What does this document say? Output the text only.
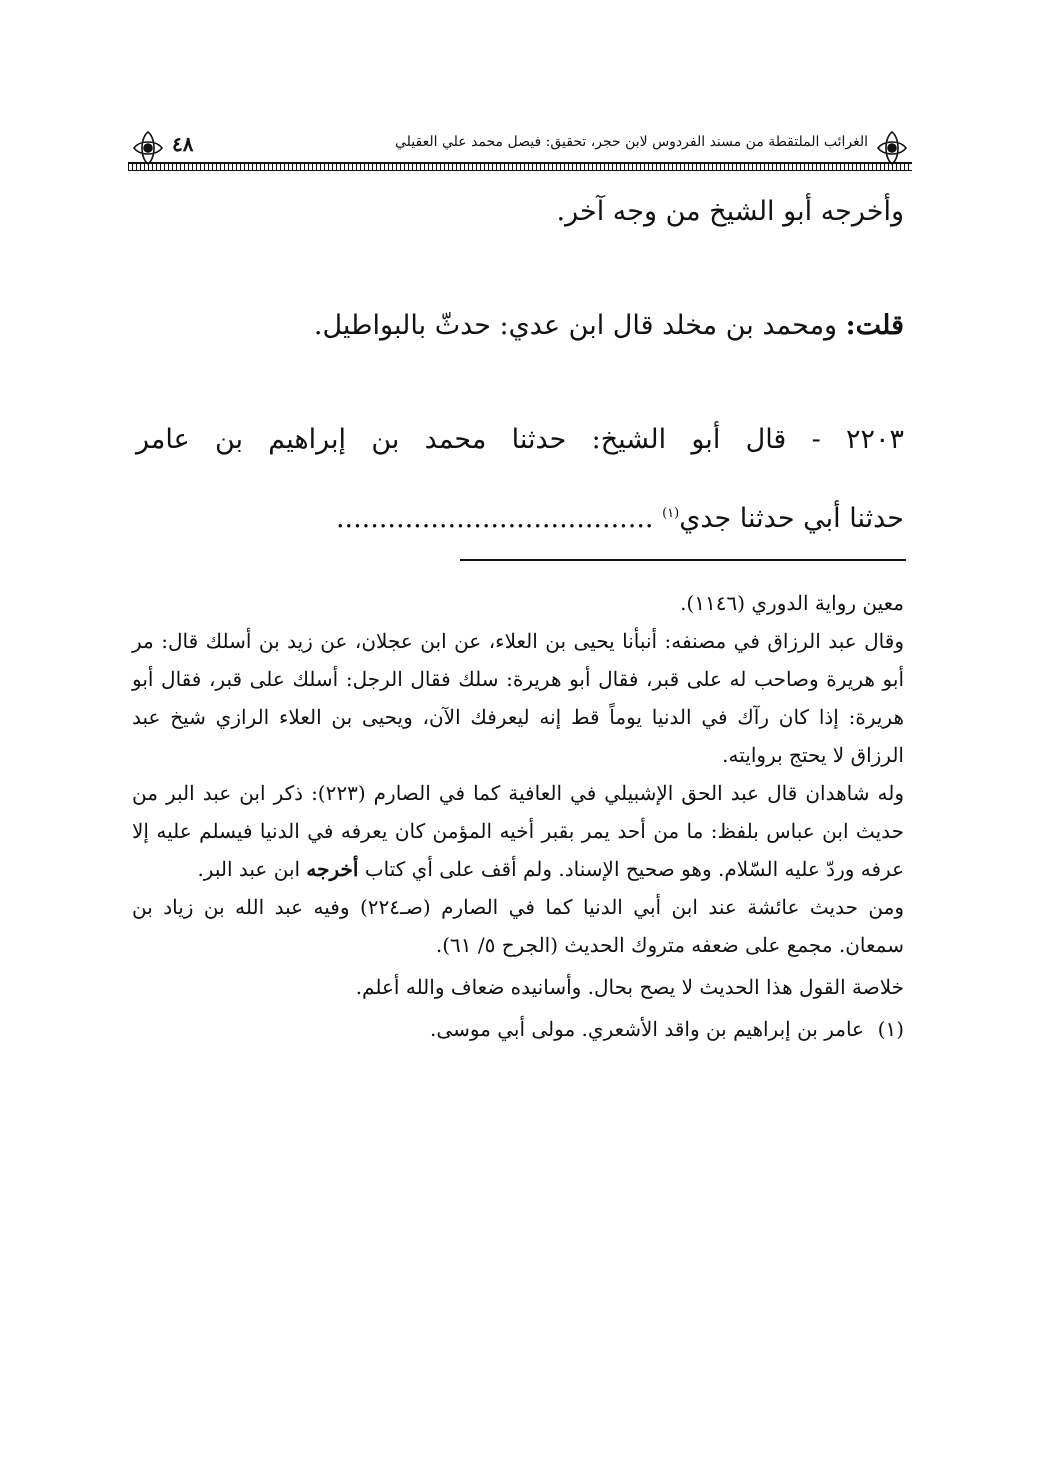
٤٨	الغرائب الملتقطة من مسند الفردوس لابن حجر، تحقيق: فيصل محمد علي العقيلي
وأخرجه أبو الشيخ من وجه آخر.
قلت: ومحمد بن مخلد قال ابن عدي: حدثّ بالبواطيل.
٢٢٠٣ - قال أبو الشيخ: حدثنا محمد بن إبراهيم بن عامر
حدثنا أبي حدثنا جدي$^{(١)}$ .....................................

معين رواية الدوري (١١٤٦).

وقال عبد الرزاق في مصنفه: أنبأنا يحيى بن العلاء، عن ابن عجلان، عن زيد بن أسلك قال: مر أبو هريرة وصاحب له على قبر، فقال أبو هريرة: سلك فقال الرجل: أسلك على قبر، فقال أبو هريرة: إذا كان رآك في الدنيا يوماً قط إنه ليعرفك الآن، ويحيى بن العلاء الرازي شيخ عبد الرزاق لا يحتج بروايته.

وله شاهدان قال عبد الحق الإشبيلي في العافية كما في الصارم (٢٢٣): ذكر ابن عبد البر من حديث ابن عباس بلفظ: ما من أحد يمر بقبر أخيه المؤمن كان يعرفه في الدنيا فيسلم عليه إلا عرفه وردّ عليه السّلام. وهو صحيح الإسناد. ولم أقف على أي كتاب أخرجه ابن عبد البر.

ومن حديث عائشة عند ابن أبي الدنيا كما في الصارم (صـ٢٢٤) وفيه عبد الله بن زياد بن سمعان. مجمع على ضعفه متروك الحديث (الجرح ٥/ ٦١).

خلاصة القول هذا الحديث لا يصح بحال. وأسانيده ضعاف والله أعلم.

(١)عامر بن إبراهيم بن واقد الأشعري. مولى أبي موسى.
